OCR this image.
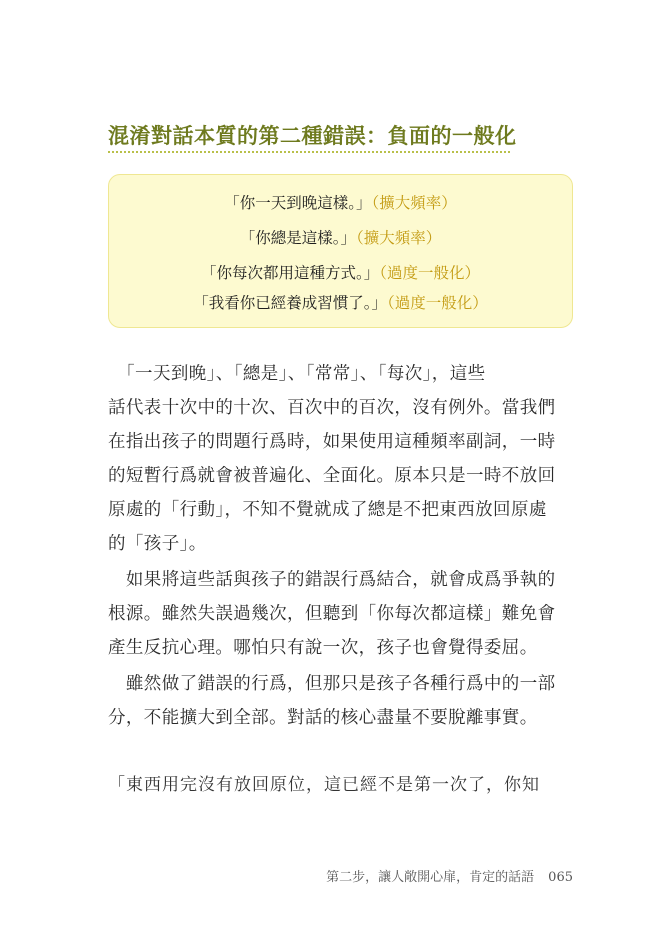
混淆對話本質的第二種錯誤：負面的一般化
「你一天到晚這樣。」（擴大頻率）
「你總是這樣。」（擴大頻率）
「你每次都用這種方式。」（過度一般化）
「我看你已經養成習慣了。」（過度一般化）
　「一天到晚」、「總是」、「常常」、「每次」，這些
話代表十次中的十次、百次中的百次，沒有例外。當我們
在指出孩子的問題行爲時，如果使用這種頻率副詞，一時
的短暫行爲就會被普遍化、全面化。原本只是一時不放回
原處的「行動」，不知不覺就成了總是不把東西放回原處
的「孩子」。
　如果將這些話與孩子的錯誤行爲結合，就會成爲爭執的
根源。雖然失誤過幾次，但聽到「你每次都這樣」難免會
產生反抗心理。哪怕只有說一次，孩子也會覺得委屈。
　雖然做了錯誤的行爲，但那只是孩子各種行爲中的一部
分，不能擴大到全部。對話的核心盡量不要脫離事實。
「東西用完沒有放回原位，這已經不是第一次了，你知
第二步，讓人敞開心扉，肯定的話語 065
